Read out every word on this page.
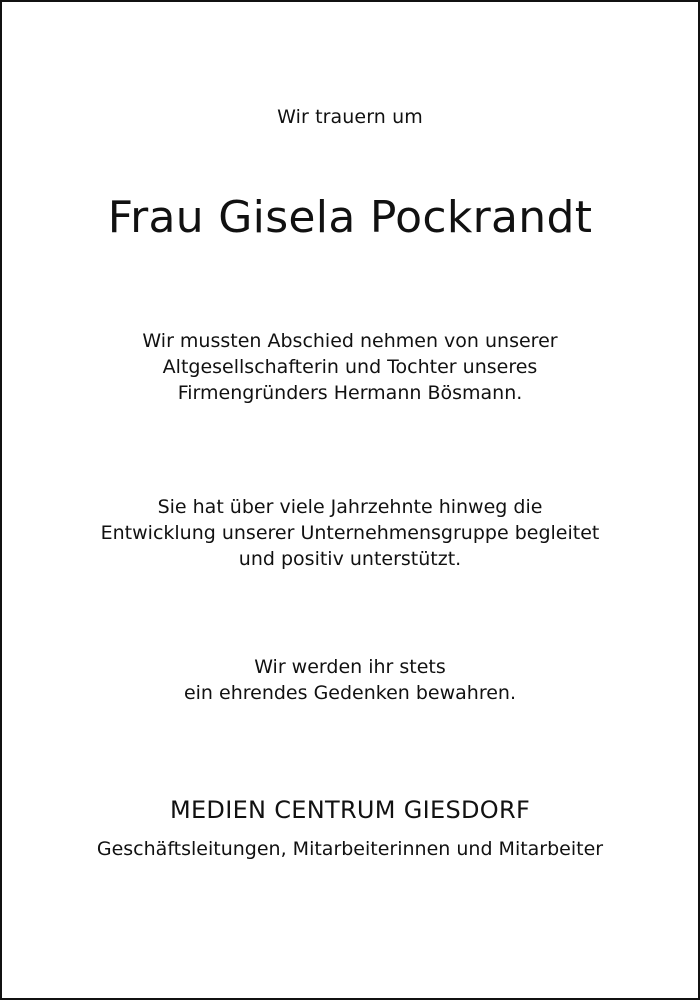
Wir trauern um
Frau Gisela Pockrandt
Wir mussten Abschied nehmen von unserer
Altgesellschafterin und Tochter unseres
Firmengründers Hermann Bösmann.
Sie hat über viele Jahrzehnte hinweg die
Entwicklung unserer Unternehmensgruppe begleitet
und positiv unterstützt.
Wir werden ihr stets
ein ehrendes Gedenken bewahren.
MEDIEN CENTRUM GIESDORF
Geschäftsleitungen, Mitarbeiterinnen und Mitarbeiter
